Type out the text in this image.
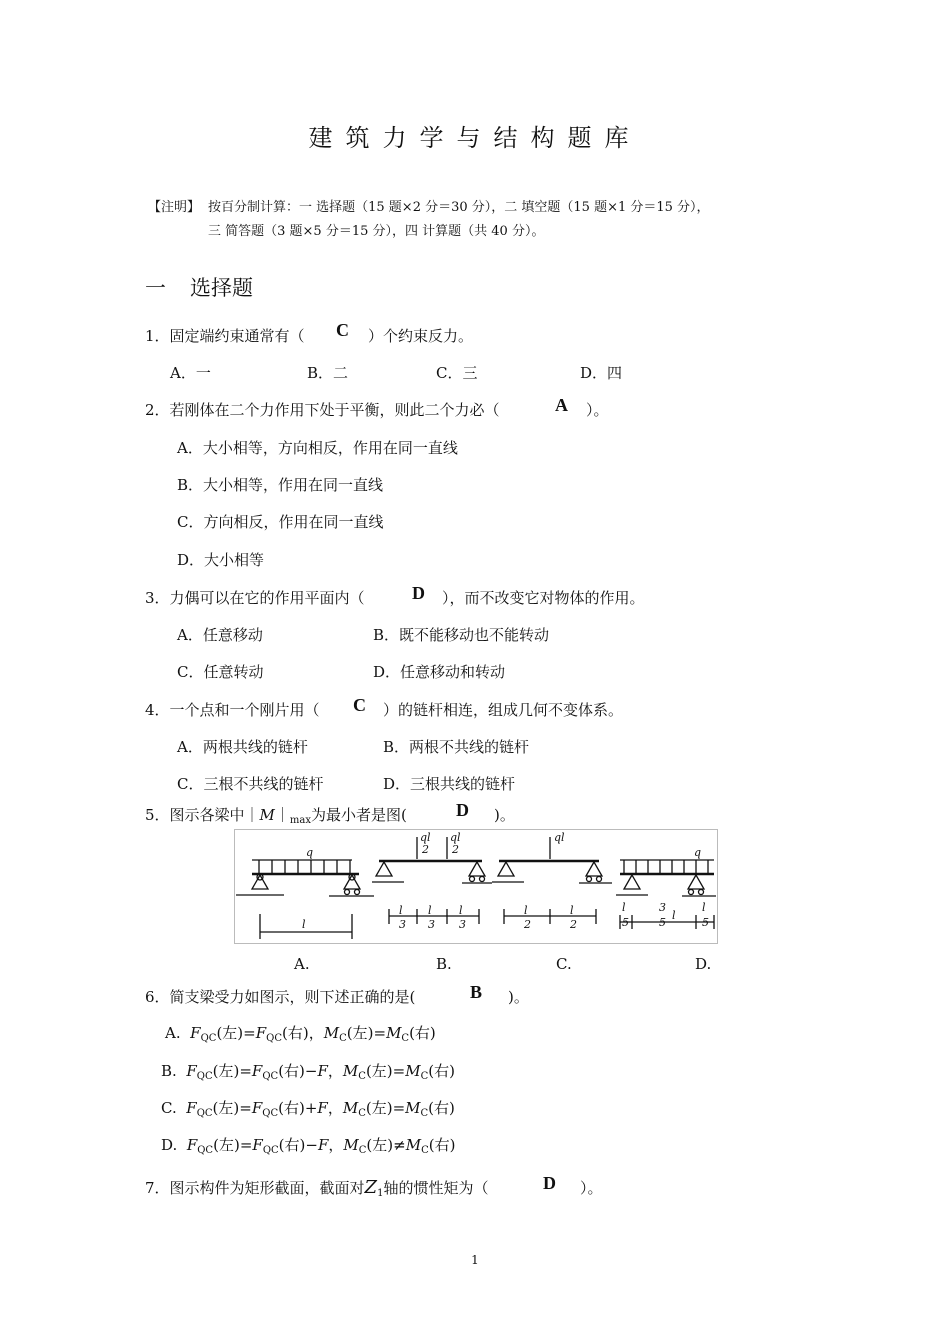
建筑力学与结构题库
【注明】 按百分制计算：一 选择题（15 题×2 分＝30 分），二 填空题（15 题×1 分＝15 分），
三 简答题（3 题×5 分＝15 分），四 计算题（共 40 分）。
一 选择题
1．固定端约束通常有（ C ）个约束反力。
A．一	B．二	C．三	D．四
2．若刚体在二个力作用下处于平衡，则此二个力必（	A ）。
A．大小相等，方向相反，作用在同一直线
B．大小相等，作用在同一直线
C．方向相反，作用在同一直线
D．大小相等
3．力偶可以在它的作用平面内（	D ），而不改变它对物体的作用。
A．任意移动	B．既不能移动也不能转动
C．任意转动	D．任意移动和转动
4．一个点和一个刚片用（ C ）的链杆相连，组成几何不变体系。
A．两根共线的链杆	B．两根不共线的链杆
C．三根不共线的链杆	D．三根共线的链杆
5．图示各梁中$|M|_{max}$为最小者是图(	D )。
q
l
ql
2
ql
2
l
3
l
3
l
3
ql
l
2
l
2
q
l
5
3
5
l
l
5
A.	B.	C.	D.
6．简支梁受力如图示，则下述正确的是(	B )。
A. $F_{QC}$(左)$=F_{QC}$(右)，$M_C$(左)$=M_C$(右)
B. $F_{QC}$(左)$=F_{QC}$(右)−F，$M_C$(左)$=M_C$(右)
C. $F_{QC}$(左)$=F_{QC}$(右)+F，$M_C$(左)$=M_C$(右)
D. $F_{QC}$(左)$=F_{QC}$(右)−F，$M_C$(左)$\ne M_C$(右)
7．图示构件为矩形截面，截面对$Z_1$轴的惯性矩为（	D ）。
1
